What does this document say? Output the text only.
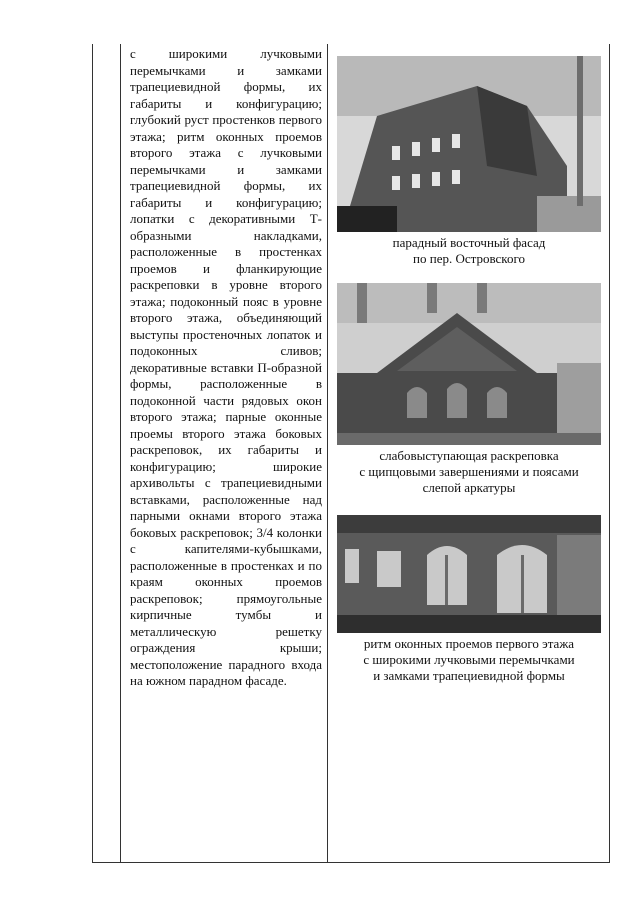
с широкими лучковыми перемычками и замками трапециевидной формы, их габариты и конфигурацию; глубокий руст простенков первого этажа; ритм оконных проемов второго этажа с лучковыми перемычками и замками трапециевидной формы, их габариты и конфигурацию; лопатки с декоративными Т-образными накладками, расположенные в простенках проемов и фланкирующие раскреповки в уровне второго этажа; подоконный пояс в уровне второго этажа, объединяющий выступы простеночных лопаток и подоконных сливов; декоративные вставки П-образной формы, расположенные в подоконной части рядовых окон второго этажа; парные оконные проемы второго этажа боковых раскреповок, их габариты и конфигурацию; широкие архивольты с трапециевидными вставками, расположенные над парными окнами второго этажа боковых раскреповок; 3/4 колонки с капителями-кубышками, расположенные в простенках и по краям оконных проемов раскреповок; прямоугольные кирпичные тумбы и металлическую решетку ограждения крыши; местоположение парадного входа на южном парадном фасаде.

парадный восточный фасад
по пер. Островского
слабовыступающая раскреповка
с щипцовыми завершениями и поясами
слепой аркатуры
ритм оконных проемов первого этажа
с широкими лучковыми перемычками
и замками трапециевидной формы
